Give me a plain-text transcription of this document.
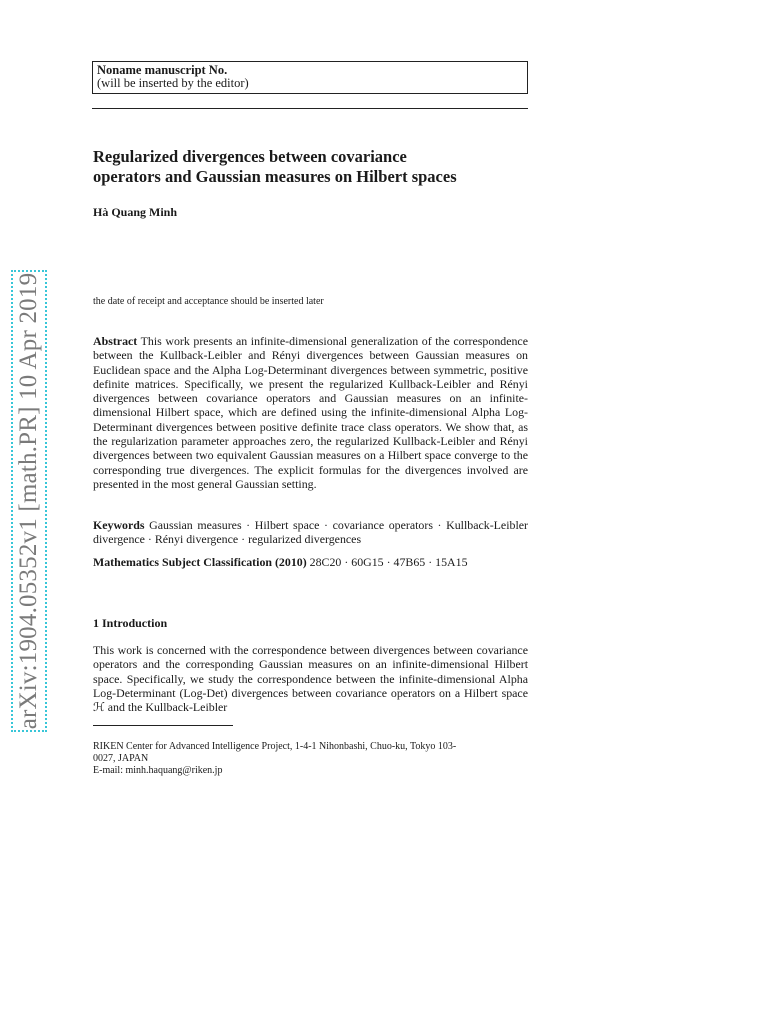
arXiv:1904.05352v1 [math.PR] 10 Apr 2019
Noname manuscript No.
(will be inserted by the editor)
Regularized divergences between covariance
operators and Gaussian measures on Hilbert spaces
Hà Quang Minh
the date of receipt and acceptance should be inserted later
Abstract This work presents an infinite-dimensional generalization of the correspondence between the Kullback-Leibler and Rényi divergences between Gaussian measures on Euclidean space and the Alpha Log-Determinant divergences between symmetric, positive definite matrices. Specifically, we present the regularized Kullback-Leibler and Rényi divergences between covariance operators and Gaussian measures on an infinite-dimensional Hilbert space, which are defined using the infinite-dimensional Alpha Log-Determinant divergences between positive definite trace class operators. We show that, as the regularization parameter approaches zero, the regularized Kullback-Leibler and Rényi divergences between two equivalent Gaussian measures on a Hilbert space converge to the corresponding true divergences. The explicit formulas for the divergences involved are presented in the most general Gaussian setting.
Keywords Gaussian measures · Hilbert space · covariance operators · Kullback-Leibler divergence · Rényi divergence · regularized divergences
Mathematics Subject Classification (2010) 28C20 · 60G15 · 47B65 · 15A15
1 Introduction
This work is concerned with the correspondence between divergences between covariance operators and the corresponding Gaussian measures on an infinite-dimensional Hilbert space. Specifically, we study the correspondence between the infinite-dimensional Alpha Log-Determinant (Log-Det) divergences between covariance operators on a Hilbert space ℋ and the Kullback-Leibler
RIKEN Center for Advanced Intelligence Project, 1-4-1 Nihonbashi, Chuo-ku, Tokyo 103-
0027, JAPAN
E-mail: minh.haquang@riken.jp
